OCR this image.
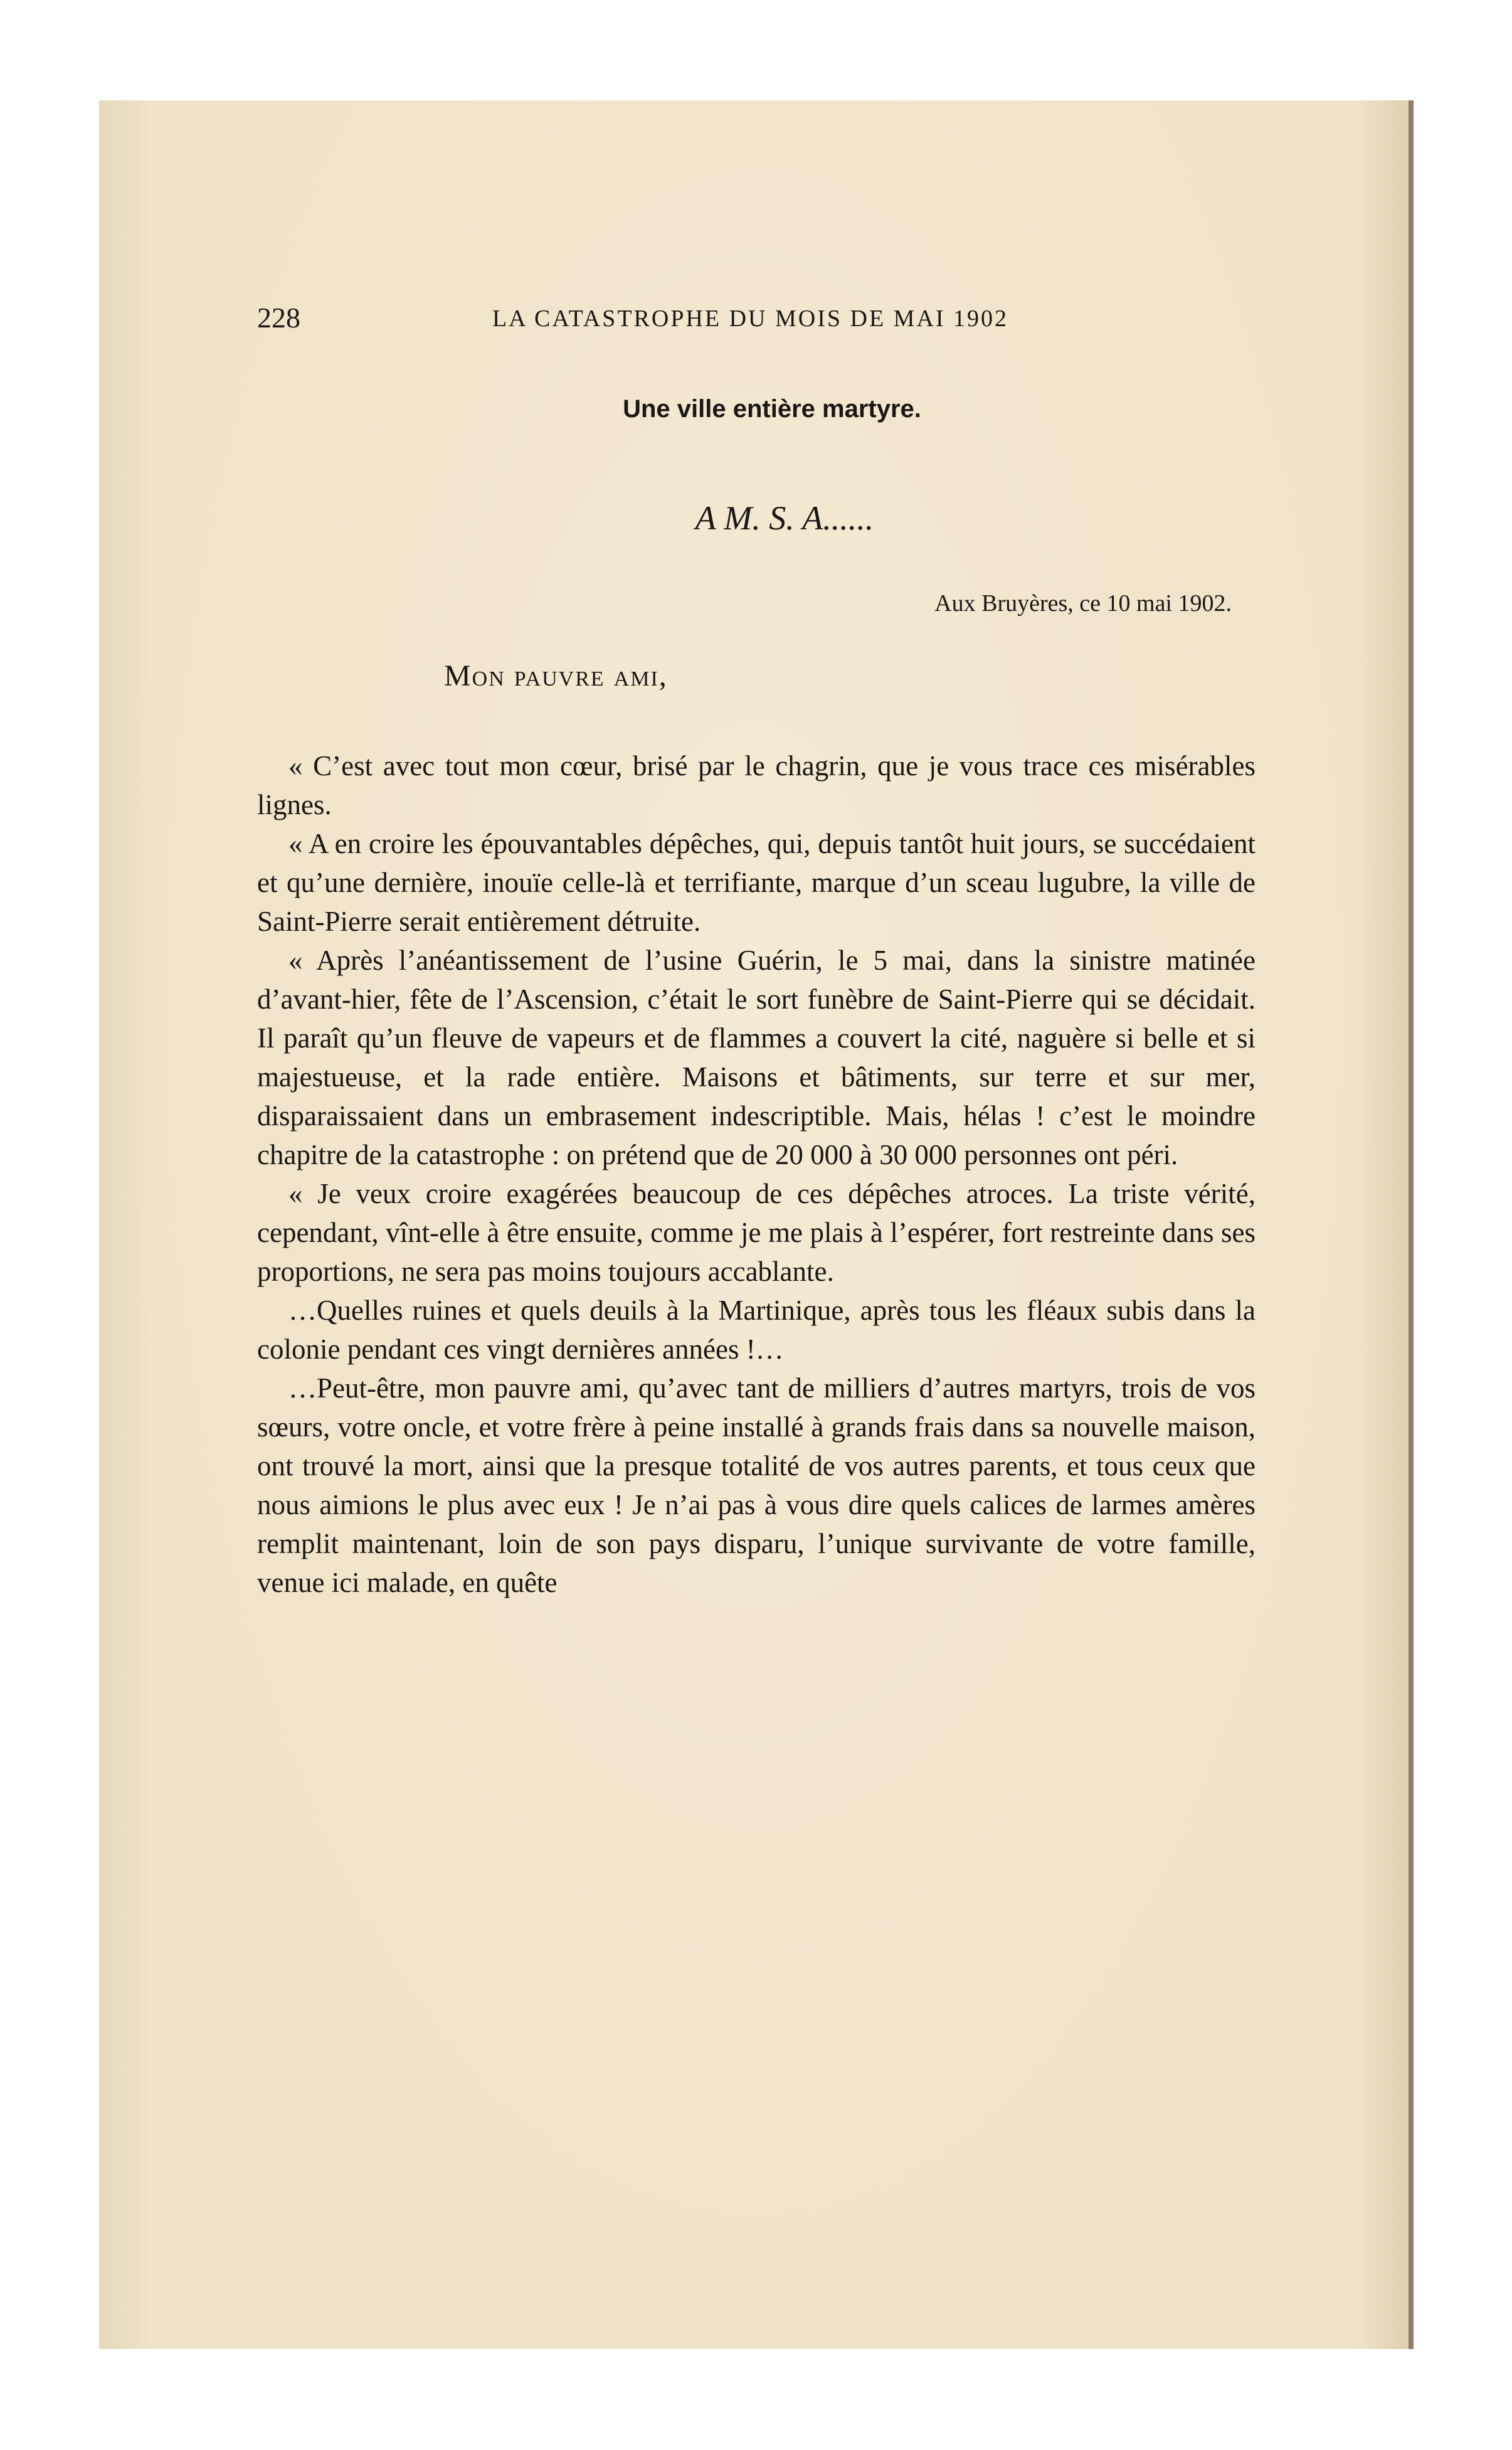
228	LA CATASTROPHE DU MOIS DE MAI 1902
Une ville entière martyre.
A M. S. A......
Aux Bruyères, ce 10 mai 1902.
Mon pauvre ami,

« C’est avec tout mon cœur, brisé par le chagrin, que je vous trace ces misérables lignes.

« A en croire les épouvantables dépêches, qui, depuis tantôt huit jours, se succédaient et qu’une dernière, inouïe celle-là et terrifiante, marque d’un sceau lugubre, la ville de Saint-Pierre serait entièrement détruite.

« Après l’anéantissement de l’usine Guérin, le 5 mai, dans la sinistre matinée d’avant-hier, fête de l’Ascension, c’était le sort funèbre de Saint-Pierre qui se décidait. Il paraît qu’un fleuve de vapeurs et de flammes a couvert la cité, naguère si belle et si majestueuse, et la rade entière. Maisons et bâtiments, sur terre et sur mer, disparaissaient dans un embrasement indescriptible. Mais, hélas ! c’est le moindre chapitre de la catastrophe : on prétend que de 20 000 à 30 000 personnes ont péri.

« Je veux croire exagérées beaucoup de ces dépêches atroces. La triste vérité, cependant, vînt-elle à être ensuite, comme je me plais à l’espérer, fort restreinte dans ses proportions, ne sera pas moins toujours accablante.

…Quelles ruines et quels deuils à la Martinique, après tous les fléaux subis dans la colonie pendant ces vingt dernières années !…

…Peut-être, mon pauvre ami, qu’avec tant de milliers d’autres martyrs, trois de vos sœurs, votre oncle, et votre frère à peine installé à grands frais dans sa nouvelle maison, ont trouvé la mort, ainsi que la presque totalité de vos autres parents, et tous ceux que nous aimions le plus avec eux ! Je n’ai pas à vous dire quels calices de larmes amères remplit maintenant, loin de son pays disparu, l’unique survivante de votre famille, venue ici malade, en quête
